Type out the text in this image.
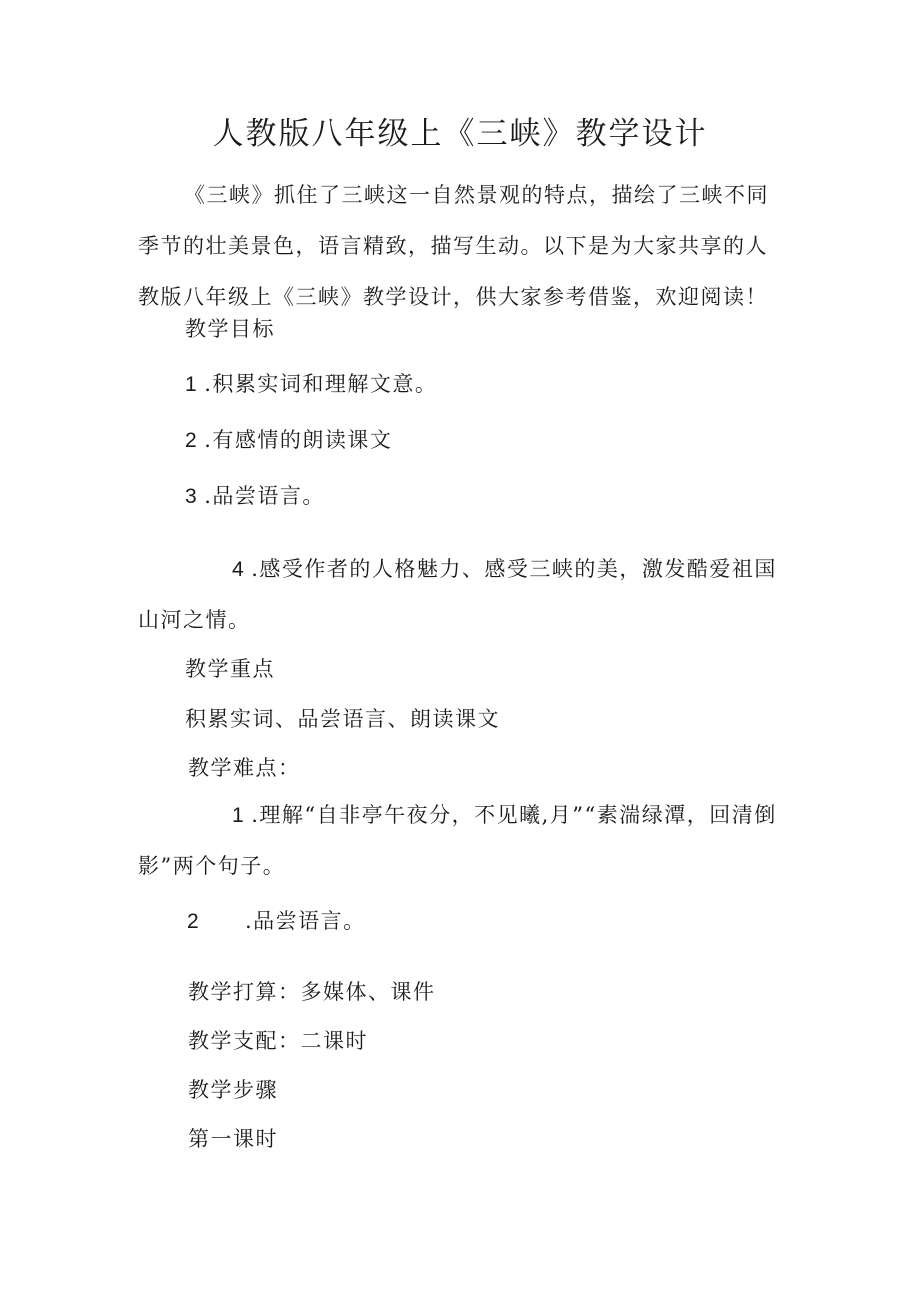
人教版八年级上《三峡》教学设计
《三峡》抓住了三峡这一自然景观的特点，描绘了三峡不同季节的壮美景色，语言精致，描写生动。以下是为大家共享的人教版八年级上《三峡》教学设计，供大家参考借鉴，欢迎阅读！
教学目标
1 .积累实词和理解文意。
2 .有感情的朗读课文
3 .品尝语言。
4 .感受作者的人格魅力、感受三峡的美，激发酷爱祖国山河之情。
教学重点
积累实词、品尝语言、朗读课文
教学难点：
1 .理解“自非亭午夜分，不见曦,月”“素湍绿潭，回清倒影”两个句子。
2 .品尝语言。
教学打算：多媒体、课件
教学支配：二课时
教学步骤
第一课时
